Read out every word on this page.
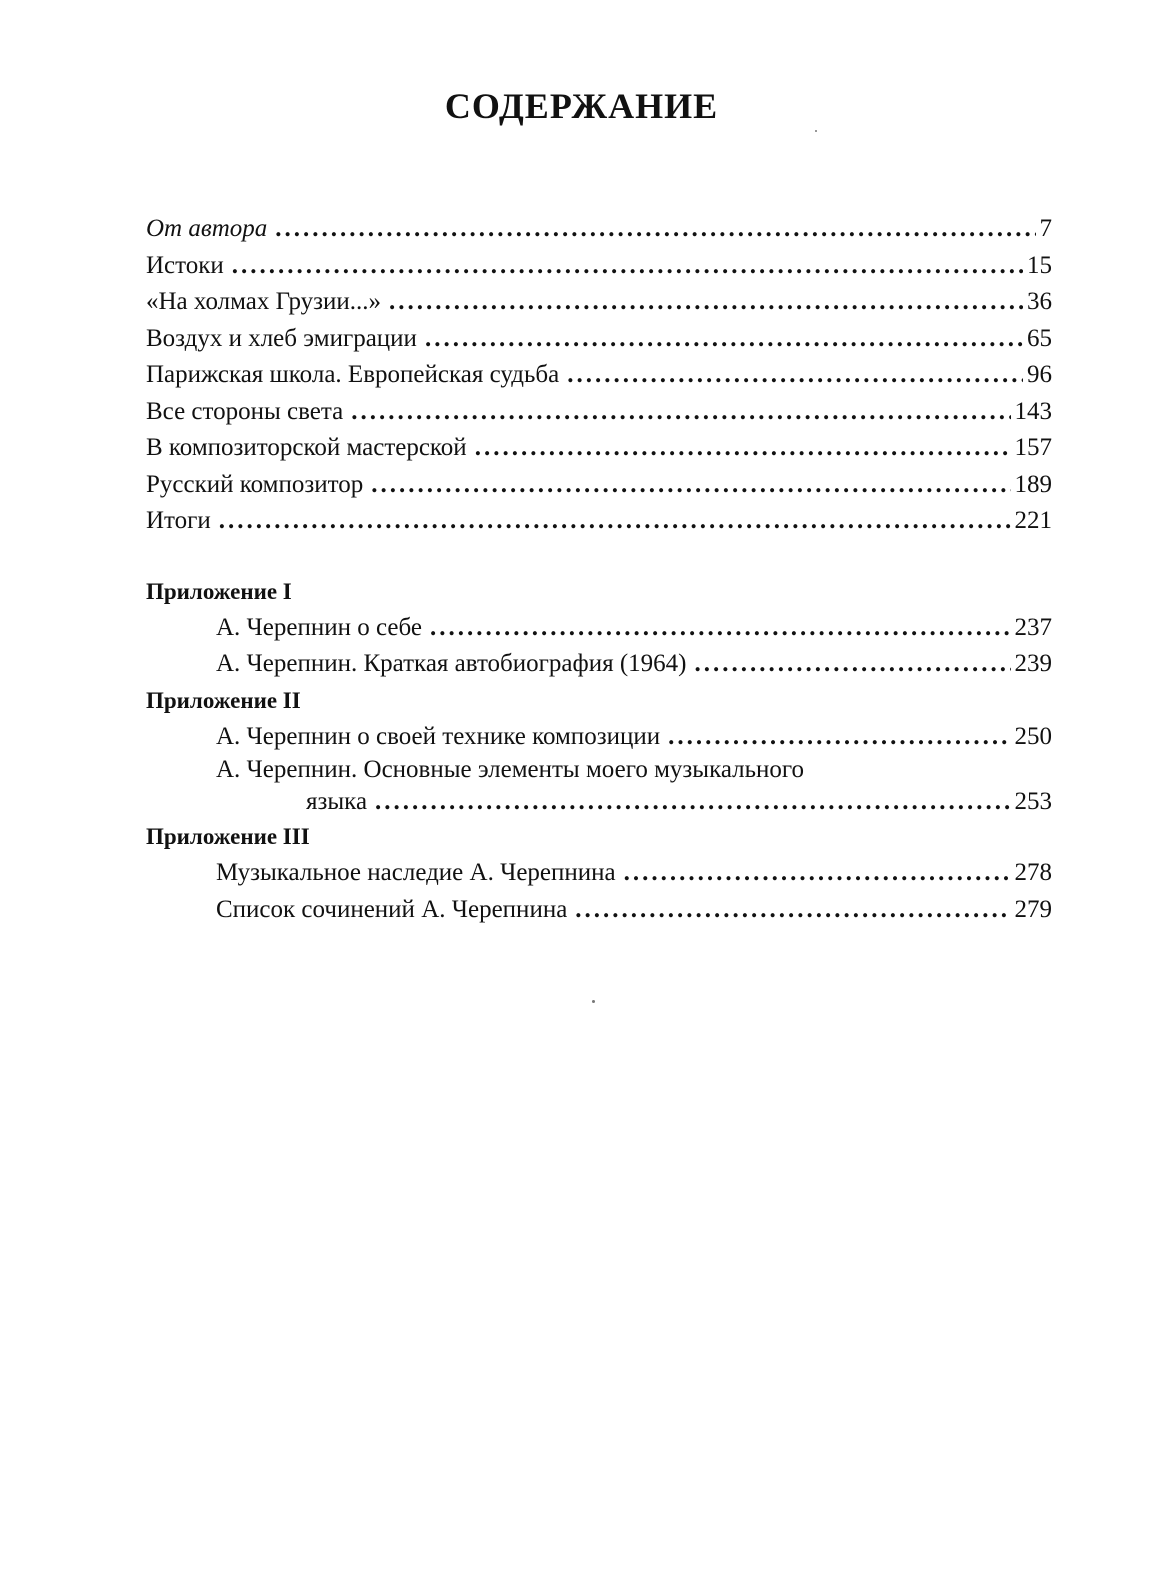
СОДЕРЖАНИЕ
От автора .....	7
Истоки .....	15
«На холмах Грузии...» .....	36
Воздух и хлеб эмиграции .....	65
Парижская школа. Европейская судьба .....	96
Все стороны света .....	143
В композиторской мастерской .....	157
Русский композитор .....	189
Итоги .....	221
Приложение I
А. Черепнин о себе .....	237
А. Черепнин. Краткая автобиография (1964) .....	239
Приложение II
А. Черепнин о своей технике композиции .....	250
А. Черепнин. Основные элементы моего музыкального
языка .....	253
Приложение III
Музыкальное наследие А. Черепнина .....	278
Список сочинений А. Черепнина .....	279
